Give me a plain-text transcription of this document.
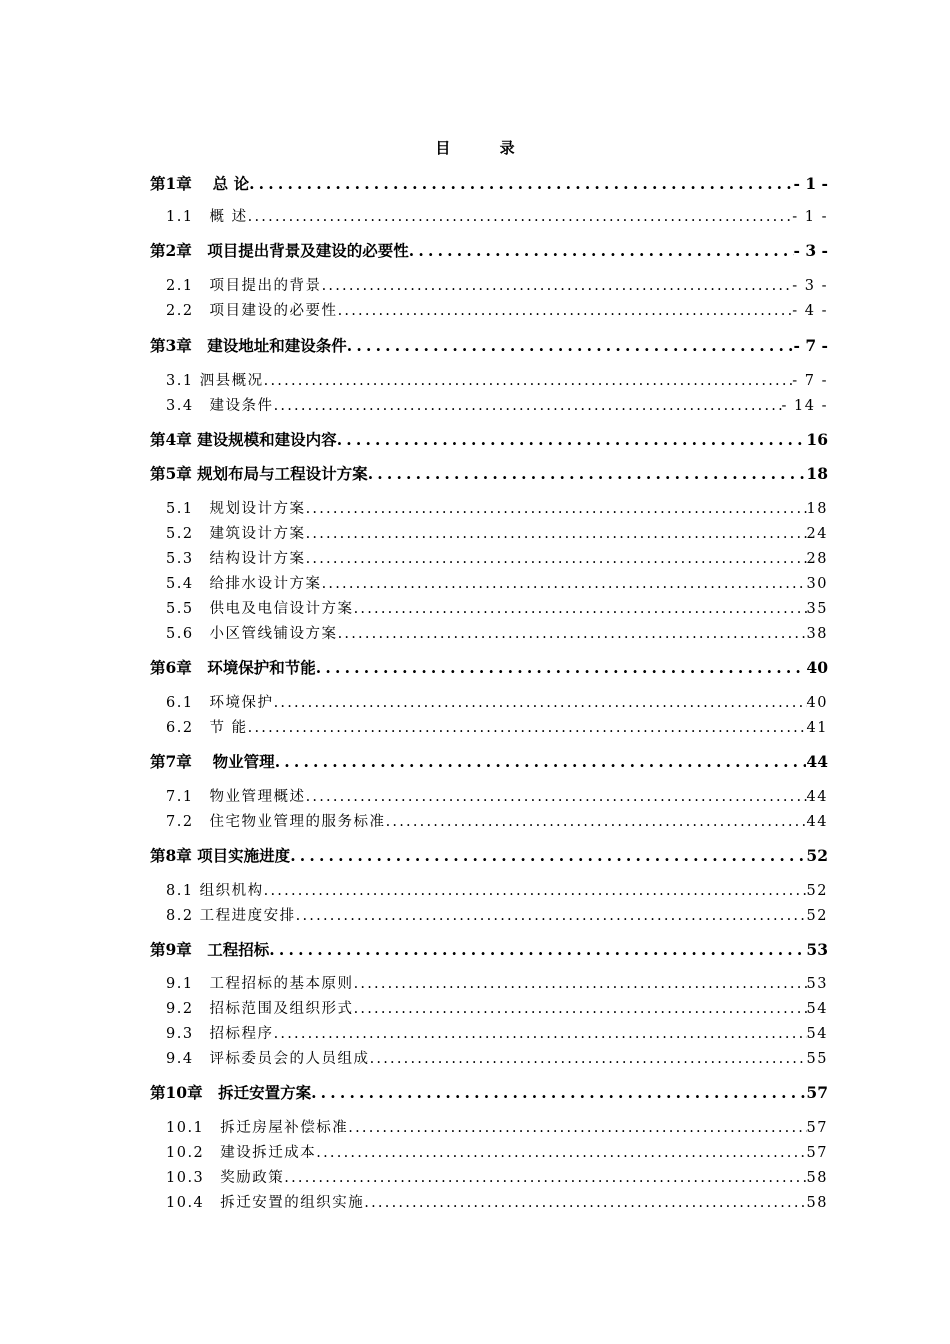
目 录
第1章　 总 论 . . .	- 1 -
1.1　概 述 . . .	- 1 -
第2章　项目提出背景及建设的必要性 . . .	- 3 -
2.1　项目提出的背景 . . .	- 3 -
2.2　项目建设的必要性 . . .	- 4 -
第3章　建设地址和建设条件 . . .	- 7 -
3.1 泗县概况 . . .	- 7 -
3.4　建设条件 . . .	- 14 -
第4章 建设规模和建设内容 . . .	16
第5章 规划布局与工程设计方案 . . .	18
5.1　规划设计方案 . . .	18
5.2　建筑设计方案 . . .	24
5.3　结构设计方案 . . .	28
5.4　给排水设计方案 . . .	30
5.5　供电及电信设计方案 . . .	35
5.6　小区管线铺设方案 . . .	38
第6章　环境保护和节能 . . .	40
6.1　环境保护 . . .	40
6.2　节 能 . . .	41
第7章　 物业管理 . . .	44
7.1　物业管理概述 . . .	44
7.2　住宅物业管理的服务标准 . . .	44
第8章 项目实施进度 . . .	52
8.1 组织机构 . . .	52
8.2 工程进度安排 . . .	52
第9章　工程招标 . . .	53
9.1　工程招标的基本原则 . . .	53
9.2　招标范围及组织形式 . . .	54
9.3　招标程序 . . .	54
9.4　评标委员会的人员组成 . . .	55
第10章　拆迁安置方案 . . .	57
10.1　拆迁房屋补偿标准 . . .	57
10.2　建设拆迁成本 . . .	57
10.3　奖励政策 . . .	58
10.4　拆迁安置的组织实施 . . .	58
